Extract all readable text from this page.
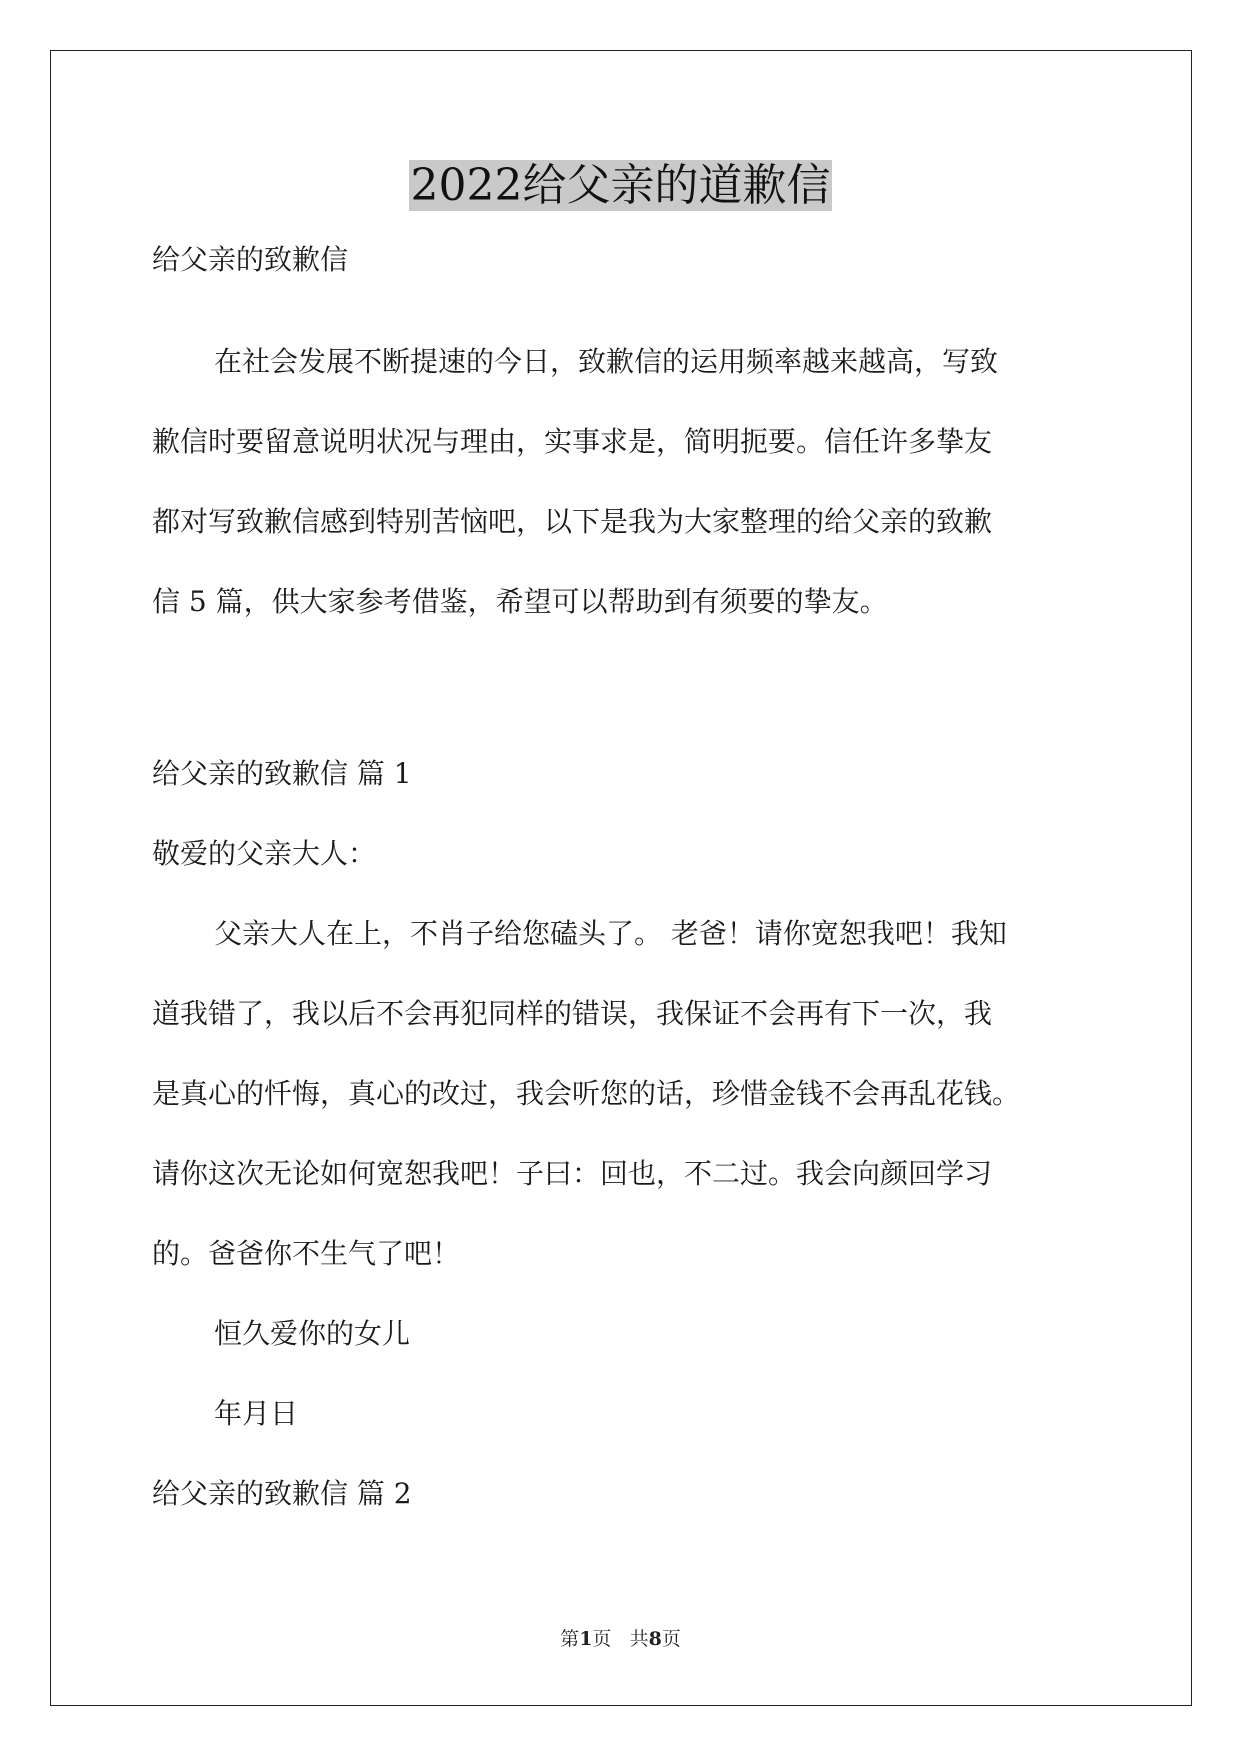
2022给父亲的道歉信
给父亲的致歉信
在社会发展不断提速的今日，致歉信的运用频率越来越高，写致
歉信时要留意说明状况与理由，实事求是，简明扼要。信任许多挚友
都对写致歉信感到特别苦恼吧，以下是我为大家整理的给父亲的致歉
信 5 篇，供大家参考借鉴，希望可以帮助到有须要的挚友。
给父亲的致歉信 篇 1
敬爱的父亲大人：
父亲大人在上，不肖子给您磕头了。 老爸！请你宽恕我吧！我知
道我错了，我以后不会再犯同样的错误，我保证不会再有下一次，我
是真心的忏悔，真心的改过，我会听您的话，珍惜金钱不会再乱花钱。
请你这次无论如何宽恕我吧！子曰：回也，不二过。我会向颜回学习
的。爸爸你不生气了吧！
恒久爱你的女儿
年月日
给父亲的致歉信 篇 2
第1页 共8页
